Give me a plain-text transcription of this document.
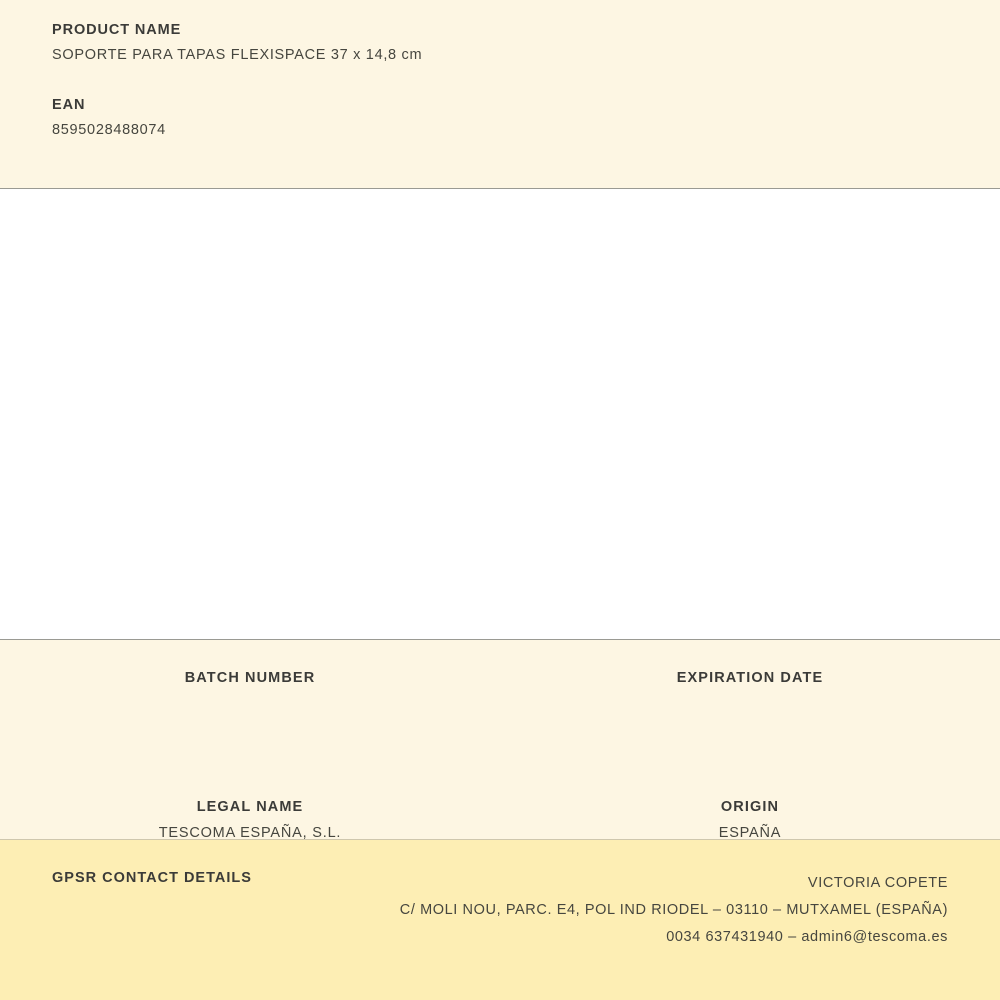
PRODUCT NAME

SOPORTE PARA TAPAS FLEXISPACE 37 x 14,8 cm

EAN

8595028488074

BATCH NUMBER	EXPIRATION DATE

LEGAL NAME

TESCOMA ESPAÑA, S.L.

ORIGIN

ESPAÑA

GPSR CONTACT DETAILS	VICTORIA COPETE
C/ MOLI NOU, PARC. E4, POL IND RIODEL – 03110 – MUTXAMEL (ESPAÑA)
0034 637431940 – admin6@tescoma.es
